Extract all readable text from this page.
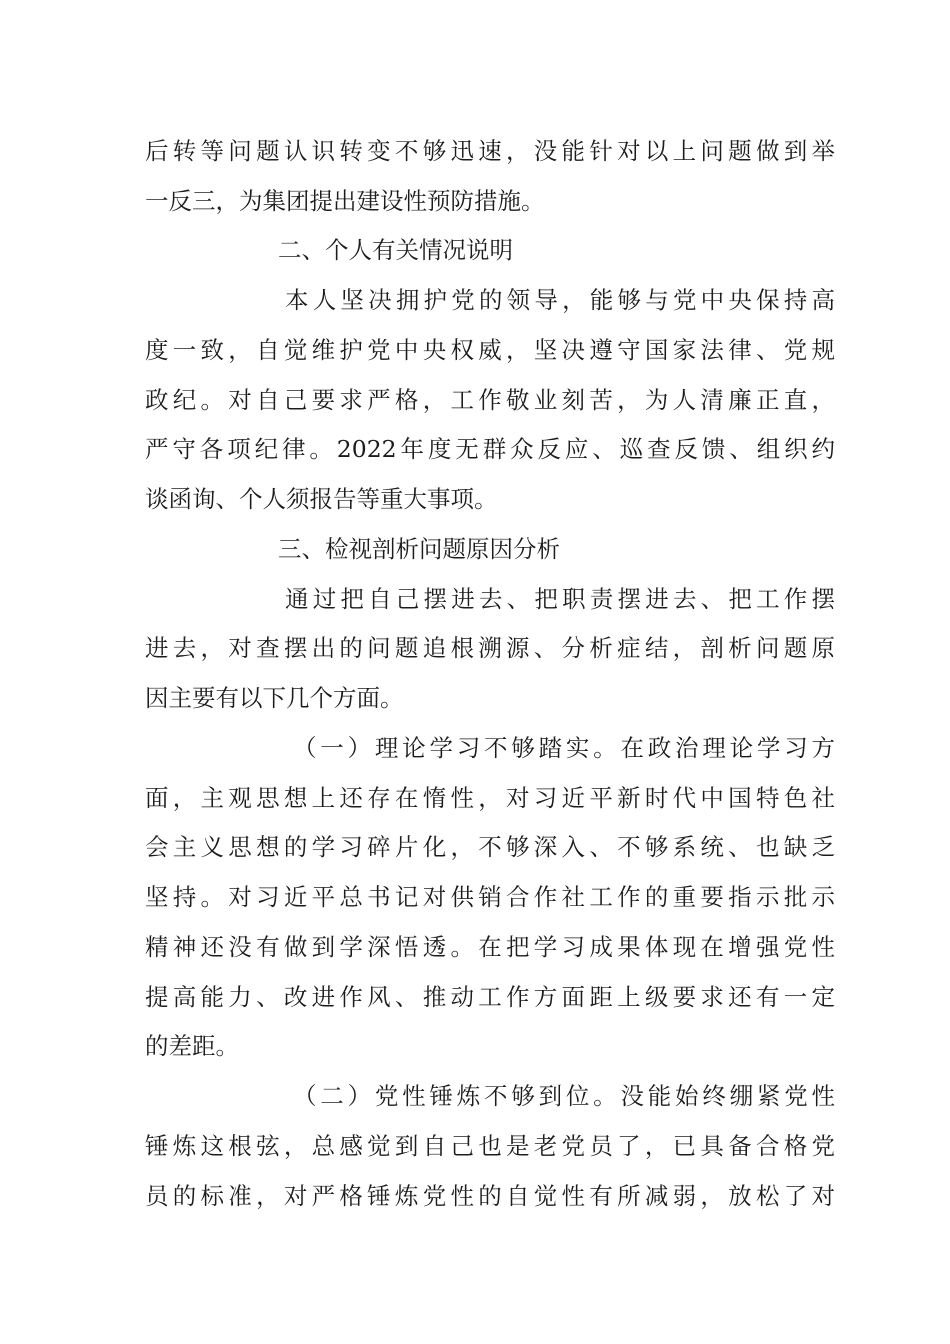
后转等问题认识转变不够迅速，没能针对以上问题做到举

一反三，为集团提出建设性预防措施。

二、个人有关情况说明

本人坚决拥护党的领导，能够与党中央保持高

度一致，自觉维护党中央权威，坚决遵守国家法律、党规

政纪。对自己要求严格，工作敬业刻苦，为人清廉正直，

严守各项纪律。2022年度无群众反应、巡查反馈、组织约

谈函询、个人须报告等重大事项。

三、检视剖析问题原因分析

通过把自己摆进去、把职责摆进去、把工作摆

进去，对查摆出的问题追根溯源、分析症结，剖析问题原

因主要有以下几个方面。

（一）理论学习不够踏实。在政治理论学习方

面，主观思想上还存在惰性，对习近平新时代中国特色社

会主义思想的学习碎片化，不够深入、不够系统、也缺乏

坚持。对习近平总书记对供销合作社工作的重要指示批示

精神还没有做到学深悟透。在把学习成果体现在增强党性

提高能力、改进作风、推动工作方面距上级要求还有一定

的差距。

（二）党性锤炼不够到位。没能始终绷紧党性

锤炼这根弦，总感觉到自己也是老党员了，已具备合格党

员的标准，对严格锤炼党性的自觉性有所减弱，放松了对
